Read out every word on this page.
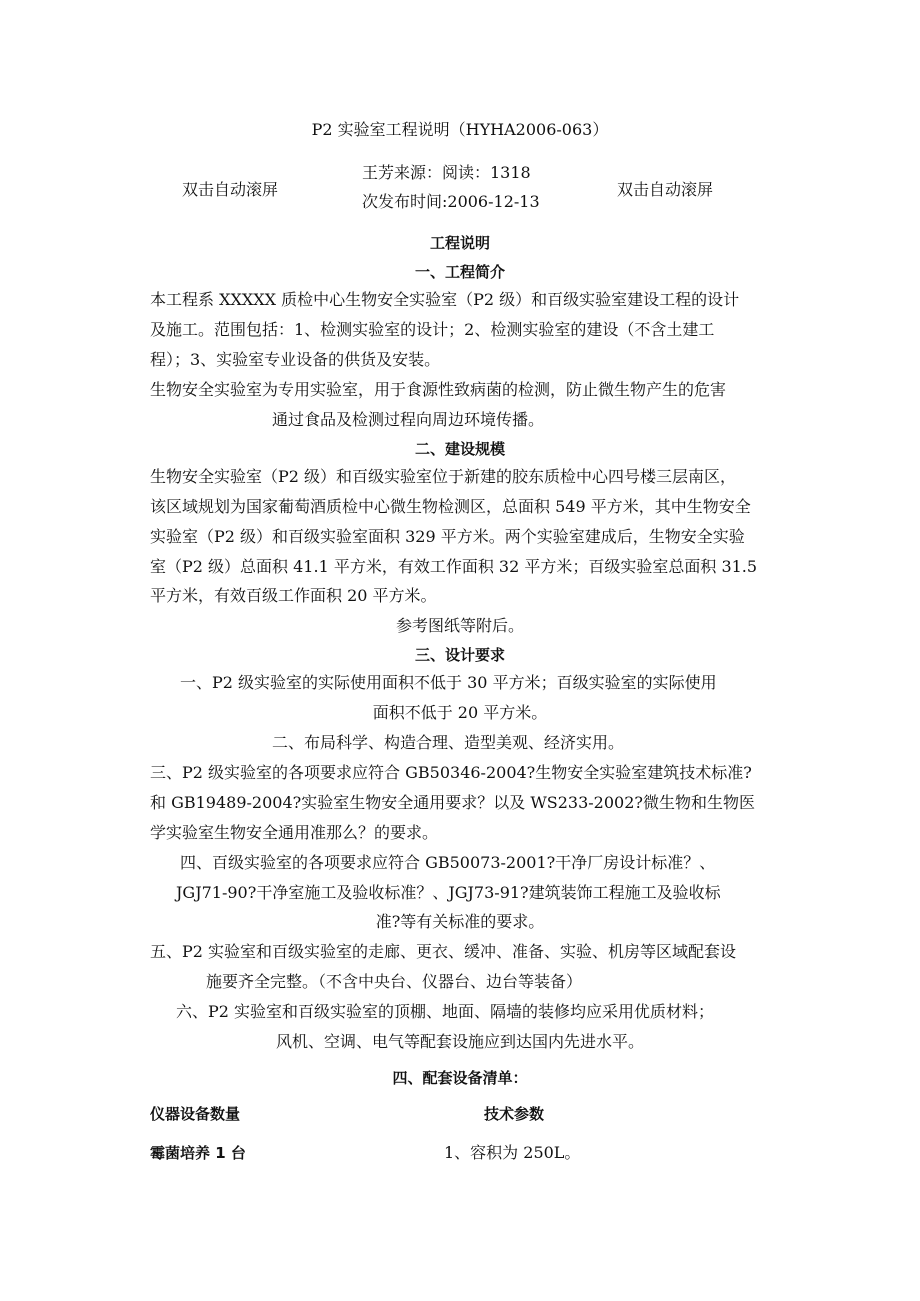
P2 实验室工程说明（HYHA2006-063）
双击自动滚屏
王芳来源：阅读：1318
次发布时间:2006-12-13
双击自动滚屏
工程说明
一、工程简介
本工程系 XXXXX 质检中心生物安全实验室（P2 级）和百级实验室建设工程的设计
及施工。范围包括：1、检测实验室的设计；2、检测实验室的建设（不含土建工
程）；3、实验室专业设备的供货及安装。
生物安全实验室为专用实验室，用于食源性致病菌的检测，防止微生物产生的危害
通过食品及检测过程向周边环境传播。
二、建设规模
生物安全实验室（P2 级）和百级实验室位于新建的胶东质检中心四号楼三层南区，
该区域规划为国家葡萄酒质检中心微生物检测区，总面积 549 平方米，其中生物安全
实验室（P2 级）和百级实验室面积 329 平方米。两个实验室建成后，生物安全实验
室（P2 级）总面积 41.1 平方米，有效工作面积 32 平方米；百级实验室总面积 31.5
平方米，有效百级工作面积 20 平方米。
参考图纸等附后。
三、设计要求
一、P2 级实验室的实际使用面积不低于 30 平方米；百级实验室的实际使用
面积不低于 20 平方米。
二、布局科学、构造合理、造型美观、经济实用。
三、P2 级实验室的各项要求应符合 GB50346-2004?生物安全实验室建筑技术标准?
和 GB19489-2004?实验室生物安全通用要求？以及 WS233-2002?微生物和生物医
学实验室生物安全通用准那么？的要求。
四、百级实验室的各项要求应符合 GB50073-2001?干净厂房设计标准？、
JGJ71-90?干净室施工及验收标准？、JGJ73-91?建筑装饰工程施工及验收标
准?等有关标准的要求。
五、P2 实验室和百级实验室的走廊、更衣、缓冲、准备、实验、机房等区域配套设
施要齐全完整。（不含中央台、仪器台、边台等装备）
六、P2 实验室和百级实验室的顶棚、地面、隔墙的装修均应采用优质材料；
风机、空调、电气等配套设施应到达国内先进水平。
四、配套设备清单：
仪器设备数量	技术参数
霉菌培养 1 台	1、容积为 250L。
